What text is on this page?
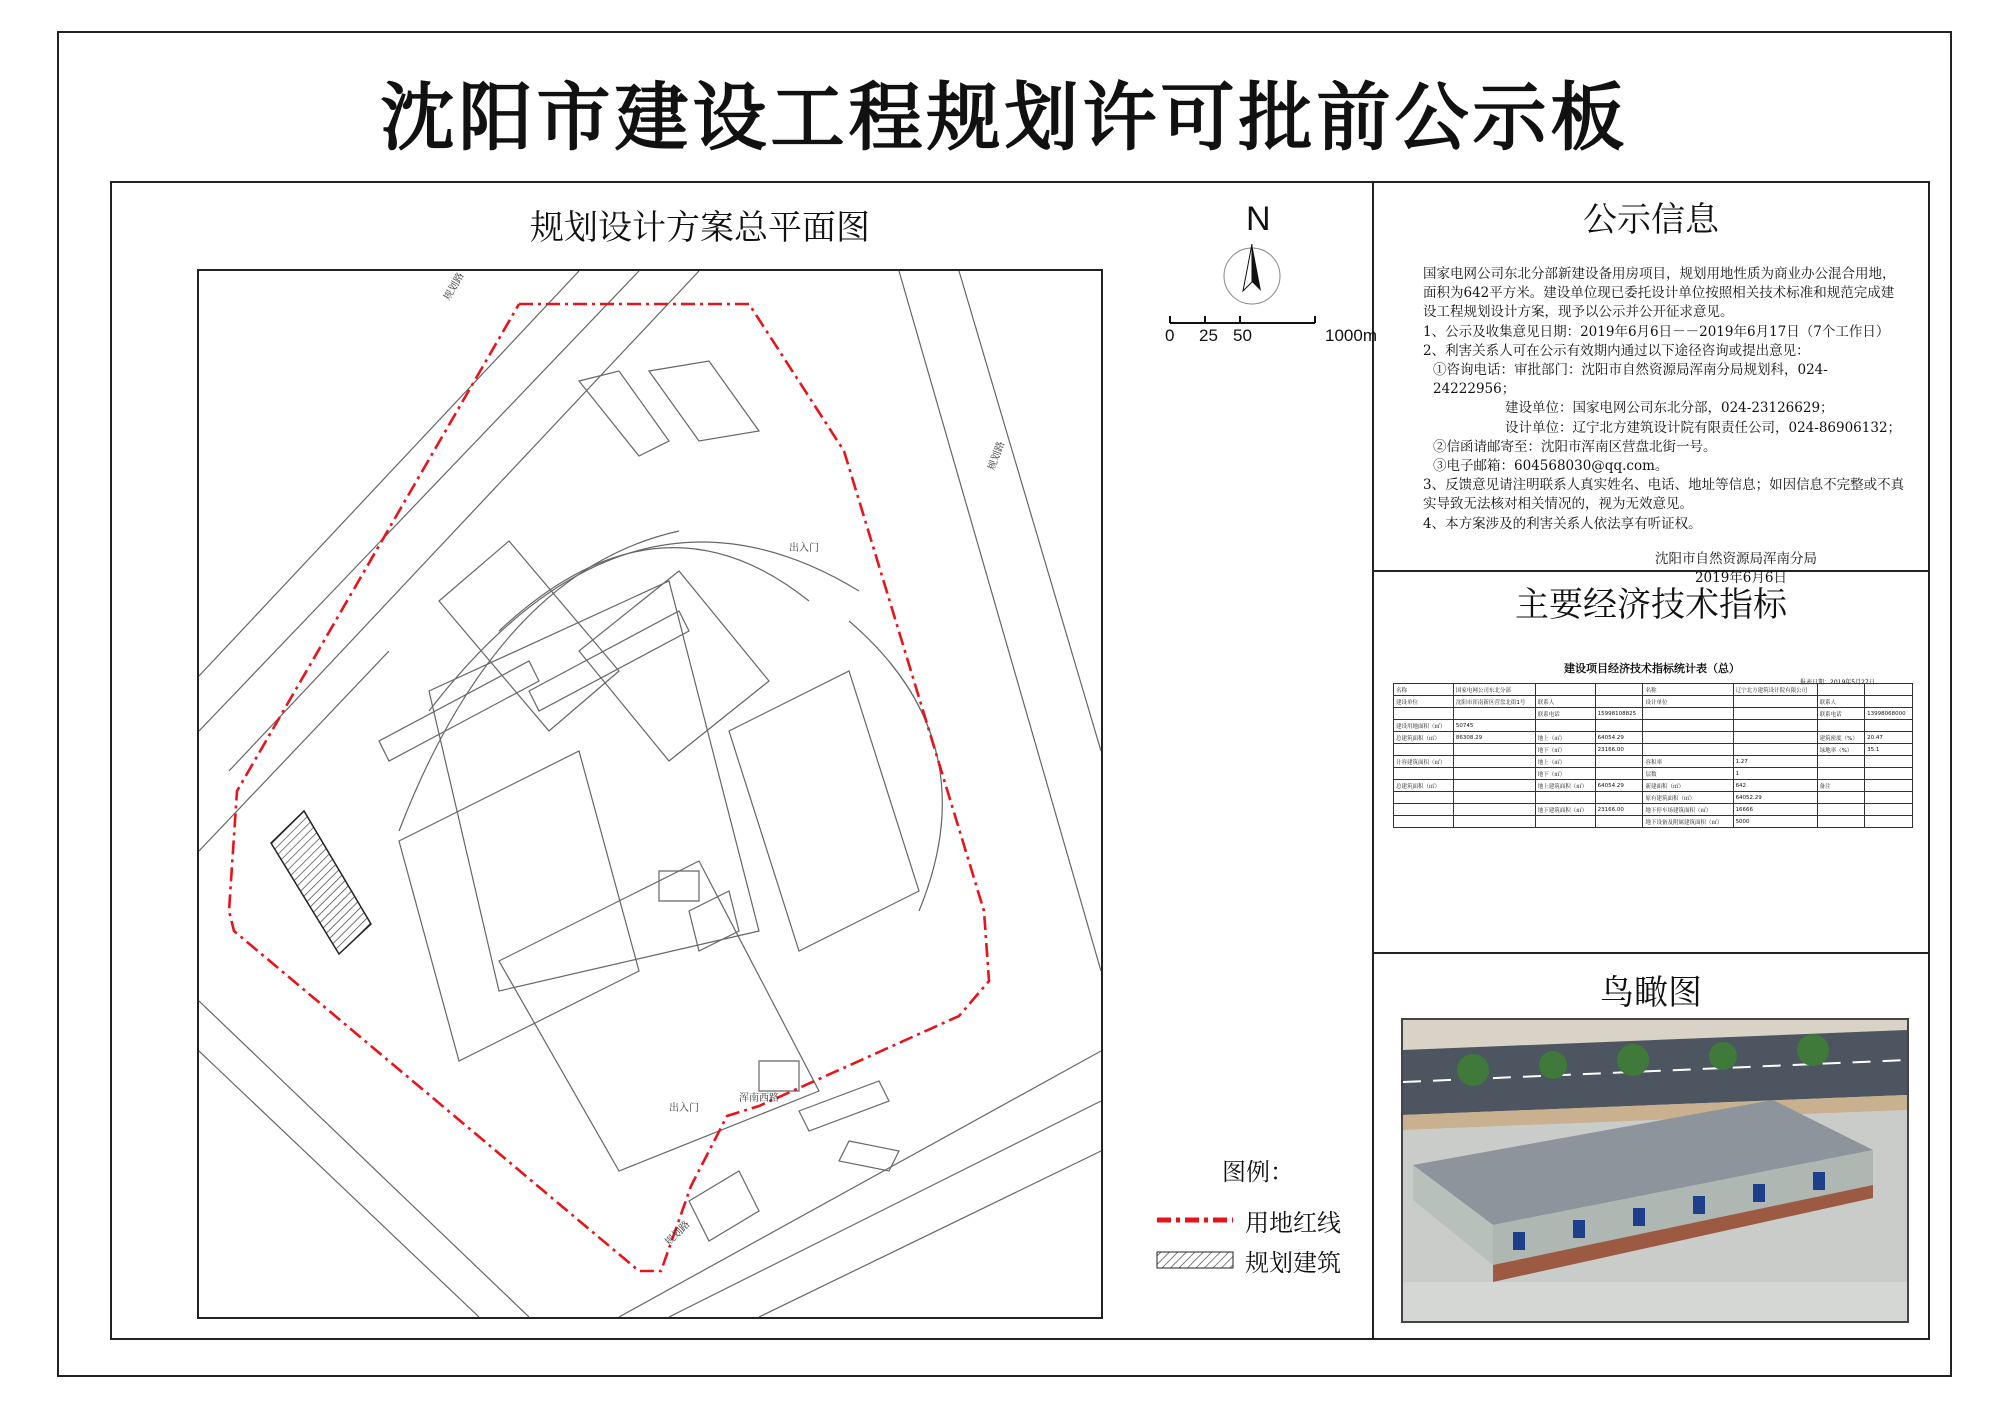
沈阳市建设工程规划许可批前公示板
规划设计方案总平面图
规划路
浑南西路
出入门
出入门
规划路
规划路
N
0 25 50	1000m
图例：
用地红线
规划建筑
公示信息

国家电网公司东北分部新建设备用房项目，规划用地性质为商业办公混合用地，面积为642平方米。建设单位现已委托设计单位按照相关技术标准和规范完成建设工程规划设计方案，现予以公示并公开征求意见。

1、公示及收集意见日期：2019年6月6日－－2019年6月17日（7个工作日）

2、利害关系人可在公示有效期内通过以下途径咨询或提出意见：

①咨询电话：审批部门：沈阳市自然资源局浑南分局规划科，024-24222956；

建设单位：国家电网公司东北分部，024-23126629；

设计单位：辽宁北方建筑设计院有限责任公司，024-86906132；

②信函请邮寄至：沈阳市浑南区营盘北街一号。

③电子邮箱：604568030@qq.com。

3、反馈意见请注明联系人真实姓名、电话、地址等信息；如因信息不完整或不真实导致无法核对相关情况的，视为无效意见。

4、本方案涉及的利害关系人依法享有听证权。

沈阳市自然资源局浑南分局

2019年6月6日

主要经济技术指标
建设项目经济技术指标统计表（总）
报表日期：2019年5月27日
名称	国家电网公司东北分部			名称	辽宁北方建筑设计院有限公司		
建设单位	沈阳市浑南新区营盘北街1号	联系人		设计单位		联系人	
		联系电话	15998108825			联系电话	13998068000
建设用地面积（㎡）	50745						
总建筑面积（㎡）	86308.29	地上（㎡）	64054.29			建筑密度（%）	20.47
		地下（㎡）	23166.00			绿地率（%）	35.1
计容建筑面积（㎡）		地上（㎡）		容积率	1.27		
		地下（㎡）		层数	1		
总建筑面积（㎡）		地上建筑面积（㎡）	64054.29	新建面积（㎡）	642	备注	
				原有建筑面积（㎡）	64052.29		
		地下建筑面积（㎡）	23166.00	地下停车场建筑面积（㎡）	16666		
				地下设备及附属建筑面积（㎡）	5000		
鸟瞰图
